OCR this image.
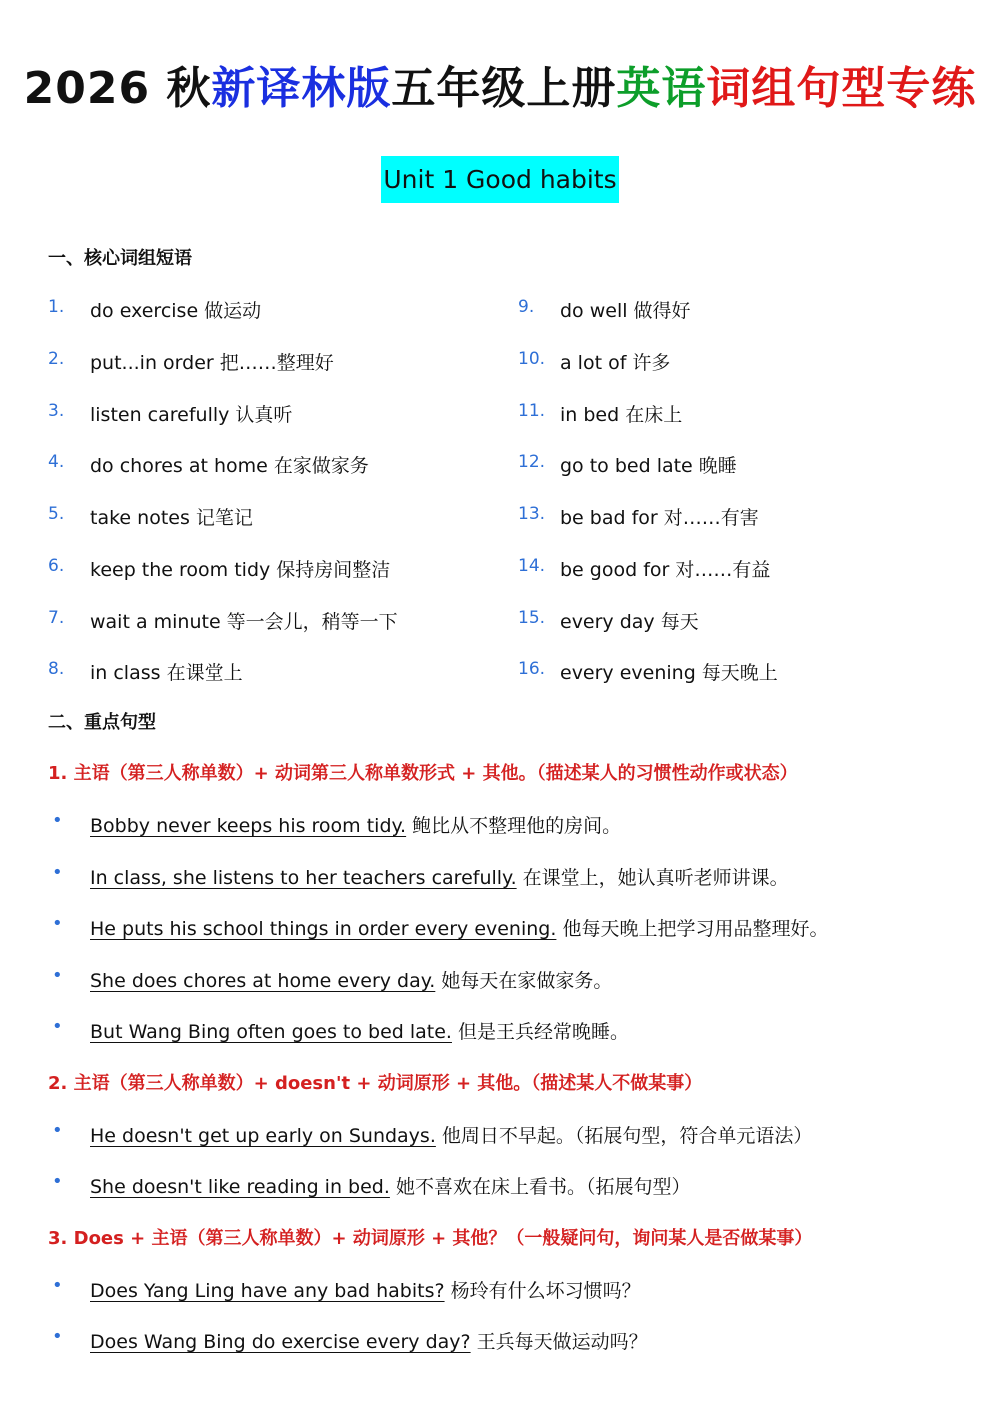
2026 秋新译林版五年级上册英语词组句型专练
Unit 1 Good habits
一、核心词组短语
1. do exercise 做运动
2. put...in order 把……整理好
3. listen carefully 认真听
4. do chores at home 在家做家务
5. take notes 记笔记
6. keep the room tidy 保持房间整洁
7. wait a minute 等一会儿，稍等一下
8. in class 在课堂上
9. do well 做得好
10. a lot of 许多
11. in bed 在床上
12. go to bed late 晚睡
13. be bad for 对……有害
14. be good for 对……有益
15. every day 每天
16. every evening 每天晚上
二、重点句型
1. 主语（第三人称单数）+ 动词第三人称单数形式 + 其他。（描述某人的习惯性动作或状态）
• Bobby never keeps his room tidy. 鲍比从不整理他的房间。
• In class, she listens to her teachers carefully. 在课堂上，她认真听老师讲课。
• He puts his school things in order every evening. 他每天晚上把学习用品整理好。
• She does chores at home every day. 她每天在家做家务。
• But Wang Bing often goes to bed late. 但是王兵经常晚睡。
2. 主语（第三人称单数）+ doesn't + 动词原形 + 其他。（描述某人不做某事）
• He doesn't get up early on Sundays. 他周日不早起。（拓展句型，符合单元语法）
• She doesn't like reading in bed. 她不喜欢在床上看书。（拓展句型）
3. Does + 主语（第三人称单数）+ 动词原形 + 其他？（一般疑问句，询问某人是否做某事）
• Does Yang Ling have any bad habits? 杨玲有什么坏习惯吗？
• Does Wang Bing do exercise every day? 王兵每天做运动吗？
